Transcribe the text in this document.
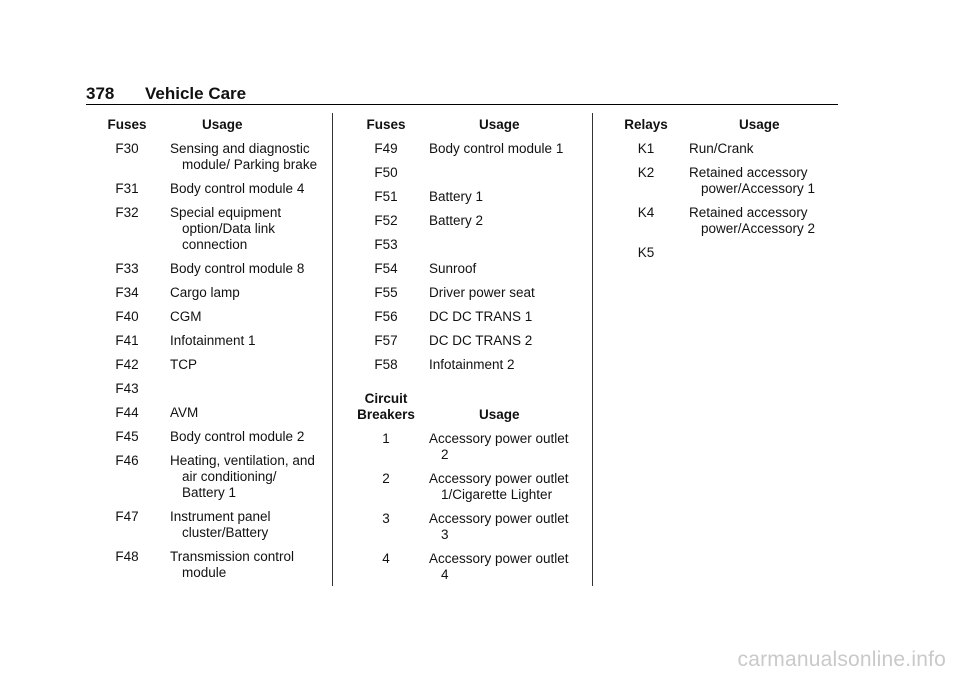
378 Vehicle Care
Fuses	Usage
F30	Sensing and diagnostic module/ Parking brake

F31	Body control module 4

F32	Special equipment option/Data link connection

F33	Body control module 8

F34	Cargo lamp

F40	CGM

F41	Infotainment 1

F42	TCP

F43	

F44	AVM

F45	Body control module 2

F46	Heating, ventilation, and air conditioning/ Battery 1

F47	Instrument panel cluster/Battery

F48	Transmission control module
Fuses	Usage
F49	Body control module 1

F50	

F51	Battery 1

F52	Battery 2

F53	

F54	Sunroof

F55	Driver power seat

F56	DC DC TRANS 1

F57	DC DC TRANS 2

F58	Infotainment 2
Circuit Breakers	Usage
1	Accessory power outlet 2

2	Accessory power outlet 1/Cigarette Lighter

3	Accessory power outlet 3

4	Accessory power outlet 4
Relays	Usage
K1	Run/Crank

K2	Retained accessory power/Accessory 1

K4	Retained accessory power/Accessory 2

K5	
carmanualsonline.info
